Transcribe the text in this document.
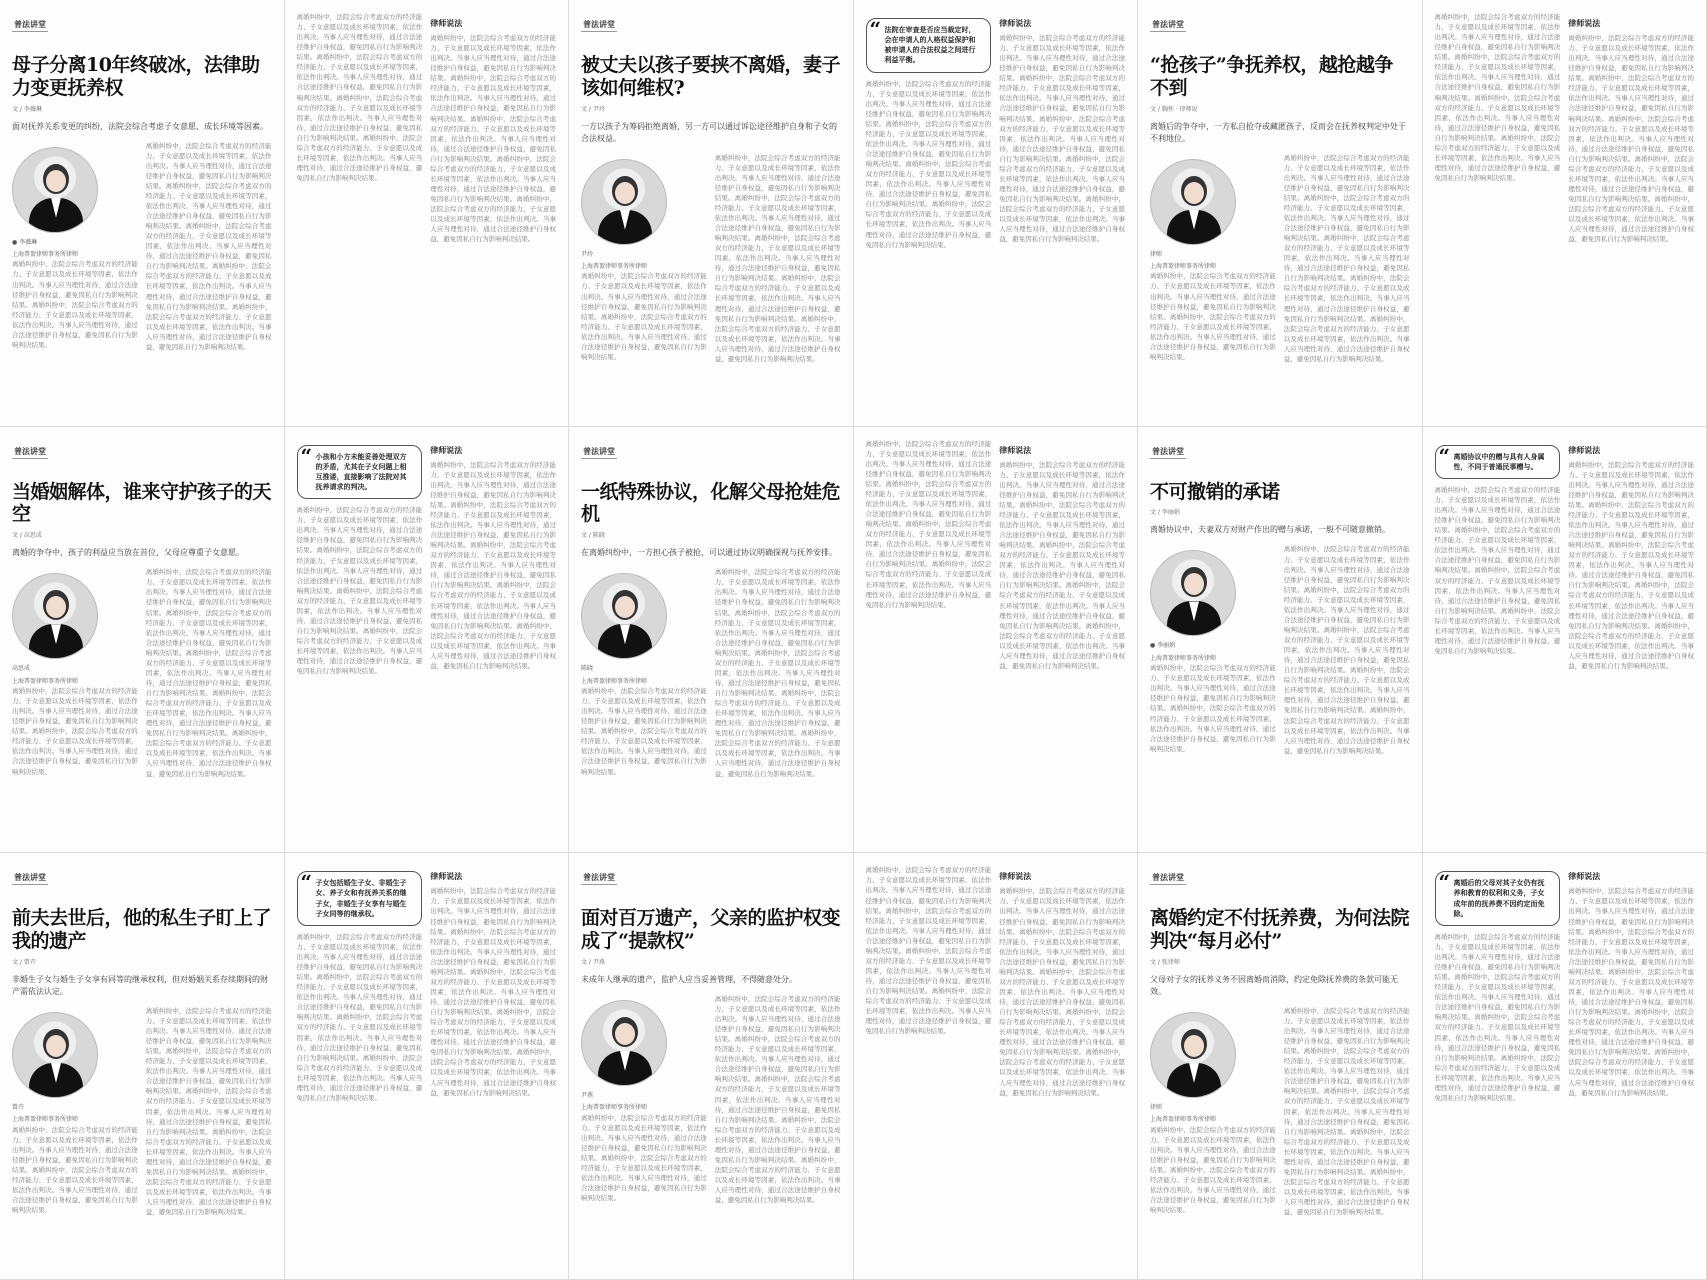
普法讲堂
母子分离10年终破冰，法律助力变更抚养权
文 / 李薇琳
面对抚养关系变更的纠纷，法院会综合考虑子女意愿、成长环境等因素。
● 李薇琳
上海普盈律师事务所律师
离婚纠纷中，法院会综合考虑双方的经济能力、子女意愿以及成长环境等因素，依法作出判决。当事人应当理性对待，通过合法途径维护自身权益，避免因私自行为影响判决结果。离婚纠纷中，法院会综合考虑双方的经济能力、子女意愿以及成长环境等因素，依法作出判决。当事人应当理性对待，通过合法途径维护自身权益，避免因私自行为影响判决结果。
离婚纠纷中，法院会综合考虑双方的经济能力、子女意愿以及成长环境等因素，依法作出判决。当事人应当理性对待，通过合法途径维护自身权益，避免因私自行为影响判决结果。离婚纠纷中，法院会综合考虑双方的经济能力、子女意愿以及成长环境等因素，依法作出判决。当事人应当理性对待，通过合法途径维护自身权益，避免因私自行为影响判决结果。离婚纠纷中，法院会综合考虑双方的经济能力、子女意愿以及成长环境等因素，依法作出判决。当事人应当理性对待，通过合法途径维护自身权益，避免因私自行为影响判决结果。离婚纠纷中，法院会综合考虑双方的经济能力、子女意愿以及成长环境等因素，依法作出判决。当事人应当理性对待，通过合法途径维护自身权益，避免因私自行为影响判决结果。离婚纠纷中，法院会综合考虑双方的经济能力、子女意愿以及成长环境等因素，依法作出判决。当事人应当理性对待，通过合法途径维护自身权益，避免因私自行为影响判决结果。
离婚纠纷中，法院会综合考虑双方的经济能力、子女意愿以及成长环境等因素，依法作出判决。当事人应当理性对待，通过合法途径维护自身权益，避免因私自行为影响判决结果。离婚纠纷中，法院会综合考虑双方的经济能力、子女意愿以及成长环境等因素，依法作出判决。当事人应当理性对待，通过合法途径维护自身权益，避免因私自行为影响判决结果。离婚纠纷中，法院会综合考虑双方的经济能力、子女意愿以及成长环境等因素，依法作出判决。当事人应当理性对待，通过合法途径维护自身权益，避免因私自行为影响判决结果。离婚纠纷中，法院会综合考虑双方的经济能力、子女意愿以及成长环境等因素，依法作出判决。当事人应当理性对待，通过合法途径维护自身权益，避免因私自行为影响判决结果。
律师说法
离婚纠纷中，法院会综合考虑双方的经济能力、子女意愿以及成长环境等因素，依法作出判决。当事人应当理性对待，通过合法途径维护自身权益，避免因私自行为影响判决结果。离婚纠纷中，法院会综合考虑双方的经济能力、子女意愿以及成长环境等因素，依法作出判决。当事人应当理性对待，通过合法途径维护自身权益，避免因私自行为影响判决结果。离婚纠纷中，法院会综合考虑双方的经济能力、子女意愿以及成长环境等因素，依法作出判决。当事人应当理性对待，通过合法途径维护自身权益，避免因私自行为影响判决结果。离婚纠纷中，法院会综合考虑双方的经济能力、子女意愿以及成长环境等因素，依法作出判决。当事人应当理性对待，通过合法途径维护自身权益，避免因私自行为影响判决结果。离婚纠纷中，法院会综合考虑双方的经济能力、子女意愿以及成长环境等因素，依法作出判决。当事人应当理性对待，通过合法途径维护自身权益，避免因私自行为影响判决结果。
普法讲堂
被丈夫以孩子要挟不离婚，妻子该如何维权?
文 / 尹玲
一方以孩子为筹码拒绝离婚，另一方可以通过诉讼途径维护自身和子女的合法权益。
尹玲
上海普盈律师事务所律师
离婚纠纷中，法院会综合考虑双方的经济能力、子女意愿以及成长环境等因素，依法作出判决。当事人应当理性对待，通过合法途径维护自身权益，避免因私自行为影响判决结果。离婚纠纷中，法院会综合考虑双方的经济能力、子女意愿以及成长环境等因素，依法作出判决。当事人应当理性对待，通过合法途径维护自身权益，避免因私自行为影响判决结果。
离婚纠纷中，法院会综合考虑双方的经济能力、子女意愿以及成长环境等因素，依法作出判决。当事人应当理性对待，通过合法途径维护自身权益，避免因私自行为影响判决结果。离婚纠纷中，法院会综合考虑双方的经济能力、子女意愿以及成长环境等因素，依法作出判决。当事人应当理性对待，通过合法途径维护自身权益，避免因私自行为影响判决结果。离婚纠纷中，法院会综合考虑双方的经济能力、子女意愿以及成长环境等因素，依法作出判决。当事人应当理性对待，通过合法途径维护自身权益，避免因私自行为影响判决结果。离婚纠纷中，法院会综合考虑双方的经济能力、子女意愿以及成长环境等因素，依法作出判决。当事人应当理性对待，通过合法途径维护自身权益，避免因私自行为影响判决结果。离婚纠纷中，法院会综合考虑双方的经济能力、子女意愿以及成长环境等因素，依法作出判决。当事人应当理性对待，通过合法途径维护自身权益，避免因私自行为影响判决结果。
“ 法院在审查是否应当裁定时，会在申请人的人格权益保护和被申请人的合法权益之间进行利益平衡。
离婚纠纷中，法院会综合考虑双方的经济能力、子女意愿以及成长环境等因素，依法作出判决。当事人应当理性对待，通过合法途径维护自身权益，避免因私自行为影响判决结果。离婚纠纷中，法院会综合考虑双方的经济能力、子女意愿以及成长环境等因素，依法作出判决。当事人应当理性对待，通过合法途径维护自身权益，避免因私自行为影响判决结果。离婚纠纷中，法院会综合考虑双方的经济能力、子女意愿以及成长环境等因素，依法作出判决。当事人应当理性对待，通过合法途径维护自身权益，避免因私自行为影响判决结果。离婚纠纷中，法院会综合考虑双方的经济能力、子女意愿以及成长环境等因素，依法作出判决。当事人应当理性对待，通过合法途径维护自身权益，避免因私自行为影响判决结果。
律师说法
离婚纠纷中，法院会综合考虑双方的经济能力、子女意愿以及成长环境等因素，依法作出判决。当事人应当理性对待，通过合法途径维护自身权益，避免因私自行为影响判决结果。离婚纠纷中，法院会综合考虑双方的经济能力、子女意愿以及成长环境等因素，依法作出判决。当事人应当理性对待，通过合法途径维护自身权益，避免因私自行为影响判决结果。离婚纠纷中，法院会综合考虑双方的经济能力、子女意愿以及成长环境等因素，依法作出判决。当事人应当理性对待，通过合法途径维护自身权益，避免因私自行为影响判决结果。离婚纠纷中，法院会综合考虑双方的经济能力、子女意愿以及成长环境等因素，依法作出判决。当事人应当理性对待，通过合法途径维护自身权益，避免因私自行为影响判决结果。离婚纠纷中，法院会综合考虑双方的经济能力、子女意愿以及成长环境等因素，依法作出判决。当事人应当理性对待，通过合法途径维护自身权益，避免因私自行为影响判决结果。
普法讲堂
“抢孩子”争抚养权，越抢越争不到
文 / 胸怀 · 律师说
离婚后的争夺中，一方私自抢夺或藏匿孩子，反而会在抚养权判定中处于不利地位。
律师
上海普盈律师事务所律师
离婚纠纷中，法院会综合考虑双方的经济能力、子女意愿以及成长环境等因素，依法作出判决。当事人应当理性对待，通过合法途径维护自身权益，避免因私自行为影响判决结果。离婚纠纷中，法院会综合考虑双方的经济能力、子女意愿以及成长环境等因素，依法作出判决。当事人应当理性对待，通过合法途径维护自身权益，避免因私自行为影响判决结果。
离婚纠纷中，法院会综合考虑双方的经济能力、子女意愿以及成长环境等因素，依法作出判决。当事人应当理性对待，通过合法途径维护自身权益，避免因私自行为影响判决结果。离婚纠纷中，法院会综合考虑双方的经济能力、子女意愿以及成长环境等因素，依法作出判决。当事人应当理性对待，通过合法途径维护自身权益，避免因私自行为影响判决结果。离婚纠纷中，法院会综合考虑双方的经济能力、子女意愿以及成长环境等因素，依法作出判决。当事人应当理性对待，通过合法途径维护自身权益，避免因私自行为影响判决结果。离婚纠纷中，法院会综合考虑双方的经济能力、子女意愿以及成长环境等因素，依法作出判决。当事人应当理性对待，通过合法途径维护自身权益，避免因私自行为影响判决结果。离婚纠纷中，法院会综合考虑双方的经济能力、子女意愿以及成长环境等因素，依法作出判决。当事人应当理性对待，通过合法途径维护自身权益，避免因私自行为影响判决结果。
离婚纠纷中，法院会综合考虑双方的经济能力、子女意愿以及成长环境等因素，依法作出判决。当事人应当理性对待，通过合法途径维护自身权益，避免因私自行为影响判决结果。离婚纠纷中，法院会综合考虑双方的经济能力、子女意愿以及成长环境等因素，依法作出判决。当事人应当理性对待，通过合法途径维护自身权益，避免因私自行为影响判决结果。离婚纠纷中，法院会综合考虑双方的经济能力、子女意愿以及成长环境等因素，依法作出判决。当事人应当理性对待，通过合法途径维护自身权益，避免因私自行为影响判决结果。离婚纠纷中，法院会综合考虑双方的经济能力、子女意愿以及成长环境等因素，依法作出判决。当事人应当理性对待，通过合法途径维护自身权益，避免因私自行为影响判决结果。
律师说法
离婚纠纷中，法院会综合考虑双方的经济能力、子女意愿以及成长环境等因素，依法作出判决。当事人应当理性对待，通过合法途径维护自身权益，避免因私自行为影响判决结果。离婚纠纷中，法院会综合考虑双方的经济能力、子女意愿以及成长环境等因素，依法作出判决。当事人应当理性对待，通过合法途径维护自身权益，避免因私自行为影响判决结果。离婚纠纷中，法院会综合考虑双方的经济能力、子女意愿以及成长环境等因素，依法作出判决。当事人应当理性对待，通过合法途径维护自身权益，避免因私自行为影响判决结果。离婚纠纷中，法院会综合考虑双方的经济能力、子女意愿以及成长环境等因素，依法作出判决。当事人应当理性对待，通过合法途径维护自身权益，避免因私自行为影响判决结果。离婚纠纷中，法院会综合考虑双方的经济能力、子女意愿以及成长环境等因素，依法作出判决。当事人应当理性对待，通过合法途径维护自身权益，避免因私自行为影响判决结果。
普法讲堂
当婚姻解体，谁来守护孩子的天空
文 / 高思成
离婚的争夺中，孩子的利益应当放在首位，父母应尊重子女意愿。
高思成
上海普盈律师事务所律师
离婚纠纷中，法院会综合考虑双方的经济能力、子女意愿以及成长环境等因素，依法作出判决。当事人应当理性对待，通过合法途径维护自身权益，避免因私自行为影响判决结果。离婚纠纷中，法院会综合考虑双方的经济能力、子女意愿以及成长环境等因素，依法作出判决。当事人应当理性对待，通过合法途径维护自身权益，避免因私自行为影响判决结果。
离婚纠纷中，法院会综合考虑双方的经济能力、子女意愿以及成长环境等因素，依法作出判决。当事人应当理性对待，通过合法途径维护自身权益，避免因私自行为影响判决结果。离婚纠纷中，法院会综合考虑双方的经济能力、子女意愿以及成长环境等因素，依法作出判决。当事人应当理性对待，通过合法途径维护自身权益，避免因私自行为影响判决结果。离婚纠纷中，法院会综合考虑双方的经济能力、子女意愿以及成长环境等因素，依法作出判决。当事人应当理性对待，通过合法途径维护自身权益，避免因私自行为影响判决结果。离婚纠纷中，法院会综合考虑双方的经济能力、子女意愿以及成长环境等因素，依法作出判决。当事人应当理性对待，通过合法途径维护自身权益，避免因私自行为影响判决结果。离婚纠纷中，法院会综合考虑双方的经济能力、子女意愿以及成长环境等因素，依法作出判决。当事人应当理性对待，通过合法途径维护自身权益，避免因私自行为影响判决结果。
“ 小孩和小方未能妥善处理双方的矛盾，尤其在子女问题上相互推诿，直接影响了法院对其抚养请求的判决。
离婚纠纷中，法院会综合考虑双方的经济能力、子女意愿以及成长环境等因素，依法作出判决。当事人应当理性对待，通过合法途径维护自身权益，避免因私自行为影响判决结果。离婚纠纷中，法院会综合考虑双方的经济能力、子女意愿以及成长环境等因素，依法作出判决。当事人应当理性对待，通过合法途径维护自身权益，避免因私自行为影响判决结果。离婚纠纷中，法院会综合考虑双方的经济能力、子女意愿以及成长环境等因素，依法作出判决。当事人应当理性对待，通过合法途径维护自身权益，避免因私自行为影响判决结果。离婚纠纷中，法院会综合考虑双方的经济能力、子女意愿以及成长环境等因素，依法作出判决。当事人应当理性对待，通过合法途径维护自身权益，避免因私自行为影响判决结果。
律师说法
离婚纠纷中，法院会综合考虑双方的经济能力、子女意愿以及成长环境等因素，依法作出判决。当事人应当理性对待，通过合法途径维护自身权益，避免因私自行为影响判决结果。离婚纠纷中，法院会综合考虑双方的经济能力、子女意愿以及成长环境等因素，依法作出判决。当事人应当理性对待，通过合法途径维护自身权益，避免因私自行为影响判决结果。离婚纠纷中，法院会综合考虑双方的经济能力、子女意愿以及成长环境等因素，依法作出判决。当事人应当理性对待，通过合法途径维护自身权益，避免因私自行为影响判决结果。离婚纠纷中，法院会综合考虑双方的经济能力、子女意愿以及成长环境等因素，依法作出判决。当事人应当理性对待，通过合法途径维护自身权益，避免因私自行为影响判决结果。离婚纠纷中，法院会综合考虑双方的经济能力、子女意愿以及成长环境等因素，依法作出判决。当事人应当理性对待，通过合法途径维护自身权益，避免因私自行为影响判决结果。
普法讲堂
一纸特殊协议，化解父母抢娃危机
文 / 陈晓
在离婚纠纷中，一方担心孩子被抢，可以通过协议明确探视与抚养安排。
陈晓
上海普盈律师事务所律师
离婚纠纷中，法院会综合考虑双方的经济能力、子女意愿以及成长环境等因素，依法作出判决。当事人应当理性对待，通过合法途径维护自身权益，避免因私自行为影响判决结果。离婚纠纷中，法院会综合考虑双方的经济能力、子女意愿以及成长环境等因素，依法作出判决。当事人应当理性对待，通过合法途径维护自身权益，避免因私自行为影响判决结果。
离婚纠纷中，法院会综合考虑双方的经济能力、子女意愿以及成长环境等因素，依法作出判决。当事人应当理性对待，通过合法途径维护自身权益，避免因私自行为影响判决结果。离婚纠纷中，法院会综合考虑双方的经济能力、子女意愿以及成长环境等因素，依法作出判决。当事人应当理性对待，通过合法途径维护自身权益，避免因私自行为影响判决结果。离婚纠纷中，法院会综合考虑双方的经济能力、子女意愿以及成长环境等因素，依法作出判决。当事人应当理性对待，通过合法途径维护自身权益，避免因私自行为影响判决结果。离婚纠纷中，法院会综合考虑双方的经济能力、子女意愿以及成长环境等因素，依法作出判决。当事人应当理性对待，通过合法途径维护自身权益，避免因私自行为影响判决结果。离婚纠纷中，法院会综合考虑双方的经济能力、子女意愿以及成长环境等因素，依法作出判决。当事人应当理性对待，通过合法途径维护自身权益，避免因私自行为影响判决结果。
离婚纠纷中，法院会综合考虑双方的经济能力、子女意愿以及成长环境等因素，依法作出判决。当事人应当理性对待，通过合法途径维护自身权益，避免因私自行为影响判决结果。离婚纠纷中，法院会综合考虑双方的经济能力、子女意愿以及成长环境等因素，依法作出判决。当事人应当理性对待，通过合法途径维护自身权益，避免因私自行为影响判决结果。离婚纠纷中，法院会综合考虑双方的经济能力、子女意愿以及成长环境等因素，依法作出判决。当事人应当理性对待，通过合法途径维护自身权益，避免因私自行为影响判决结果。离婚纠纷中，法院会综合考虑双方的经济能力、子女意愿以及成长环境等因素，依法作出判决。当事人应当理性对待，通过合法途径维护自身权益，避免因私自行为影响判决结果。
律师说法
离婚纠纷中，法院会综合考虑双方的经济能力、子女意愿以及成长环境等因素，依法作出判决。当事人应当理性对待，通过合法途径维护自身权益，避免因私自行为影响判决结果。离婚纠纷中，法院会综合考虑双方的经济能力、子女意愿以及成长环境等因素，依法作出判决。当事人应当理性对待，通过合法途径维护自身权益，避免因私自行为影响判决结果。离婚纠纷中，法院会综合考虑双方的经济能力、子女意愿以及成长环境等因素，依法作出判决。当事人应当理性对待，通过合法途径维护自身权益，避免因私自行为影响判决结果。离婚纠纷中，法院会综合考虑双方的经济能力、子女意愿以及成长环境等因素，依法作出判决。当事人应当理性对待，通过合法途径维护自身权益，避免因私自行为影响判决结果。离婚纠纷中，法院会综合考虑双方的经济能力、子女意愿以及成长环境等因素，依法作出判决。当事人应当理性对待，通过合法途径维护自身权益，避免因私自行为影响判决结果。
普法讲堂
不可撤销的承诺
文 / 李丽娟
离婚协议中，夫妻双方对财产作出的赠与承诺，一般不可随意撤销。
● 李丽娟
上海普盈律师事务所律师
离婚纠纷中，法院会综合考虑双方的经济能力、子女意愿以及成长环境等因素，依法作出判决。当事人应当理性对待，通过合法途径维护自身权益，避免因私自行为影响判决结果。离婚纠纷中，法院会综合考虑双方的经济能力、子女意愿以及成长环境等因素，依法作出判决。当事人应当理性对待，通过合法途径维护自身权益，避免因私自行为影响判决结果。
离婚纠纷中，法院会综合考虑双方的经济能力、子女意愿以及成长环境等因素，依法作出判决。当事人应当理性对待，通过合法途径维护自身权益，避免因私自行为影响判决结果。离婚纠纷中，法院会综合考虑双方的经济能力、子女意愿以及成长环境等因素，依法作出判决。当事人应当理性对待，通过合法途径维护自身权益，避免因私自行为影响判决结果。离婚纠纷中，法院会综合考虑双方的经济能力、子女意愿以及成长环境等因素，依法作出判决。当事人应当理性对待，通过合法途径维护自身权益，避免因私自行为影响判决结果。离婚纠纷中，法院会综合考虑双方的经济能力、子女意愿以及成长环境等因素，依法作出判决。当事人应当理性对待，通过合法途径维护自身权益，避免因私自行为影响判决结果。离婚纠纷中，法院会综合考虑双方的经济能力、子女意愿以及成长环境等因素，依法作出判决。当事人应当理性对待，通过合法途径维护自身权益，避免因私自行为影响判决结果。
“ 离婚协议中的赠与具有人身属性，不同于普通民事赠与。
离婚纠纷中，法院会综合考虑双方的经济能力、子女意愿以及成长环境等因素，依法作出判决。当事人应当理性对待，通过合法途径维护自身权益，避免因私自行为影响判决结果。离婚纠纷中，法院会综合考虑双方的经济能力、子女意愿以及成长环境等因素，依法作出判决。当事人应当理性对待，通过合法途径维护自身权益，避免因私自行为影响判决结果。离婚纠纷中，法院会综合考虑双方的经济能力、子女意愿以及成长环境等因素，依法作出判决。当事人应当理性对待，通过合法途径维护自身权益，避免因私自行为影响判决结果。离婚纠纷中，法院会综合考虑双方的经济能力、子女意愿以及成长环境等因素，依法作出判决。当事人应当理性对待，通过合法途径维护自身权益，避免因私自行为影响判决结果。
律师说法
离婚纠纷中，法院会综合考虑双方的经济能力、子女意愿以及成长环境等因素，依法作出判决。当事人应当理性对待，通过合法途径维护自身权益，避免因私自行为影响判决结果。离婚纠纷中，法院会综合考虑双方的经济能力、子女意愿以及成长环境等因素，依法作出判决。当事人应当理性对待，通过合法途径维护自身权益，避免因私自行为影响判决结果。离婚纠纷中，法院会综合考虑双方的经济能力、子女意愿以及成长环境等因素，依法作出判决。当事人应当理性对待，通过合法途径维护自身权益，避免因私自行为影响判决结果。离婚纠纷中，法院会综合考虑双方的经济能力、子女意愿以及成长环境等因素，依法作出判决。当事人应当理性对待，通过合法途径维护自身权益，避免因私自行为影响判决结果。离婚纠纷中，法院会综合考虑双方的经济能力、子女意愿以及成长环境等因素，依法作出判决。当事人应当理性对待，通过合法途径维护自身权益，避免因私自行为影响判决结果。
普法讲堂
前夫去世后，他的私生子盯上了我的遗产
文 / 曾卉
非婚生子女与婚生子女享有同等的继承权利，但对婚姻关系存续期间的财产需依法认定。
曾卉
上海普盈律师事务所律师
离婚纠纷中，法院会综合考虑双方的经济能力、子女意愿以及成长环境等因素，依法作出判决。当事人应当理性对待，通过合法途径维护自身权益，避免因私自行为影响判决结果。离婚纠纷中，法院会综合考虑双方的经济能力、子女意愿以及成长环境等因素，依法作出判决。当事人应当理性对待，通过合法途径维护自身权益，避免因私自行为影响判决结果。
离婚纠纷中，法院会综合考虑双方的经济能力、子女意愿以及成长环境等因素，依法作出判决。当事人应当理性对待，通过合法途径维护自身权益，避免因私自行为影响判决结果。离婚纠纷中，法院会综合考虑双方的经济能力、子女意愿以及成长环境等因素，依法作出判决。当事人应当理性对待，通过合法途径维护自身权益，避免因私自行为影响判决结果。离婚纠纷中，法院会综合考虑双方的经济能力、子女意愿以及成长环境等因素，依法作出判决。当事人应当理性对待，通过合法途径维护自身权益，避免因私自行为影响判决结果。离婚纠纷中，法院会综合考虑双方的经济能力、子女意愿以及成长环境等因素，依法作出判决。当事人应当理性对待，通过合法途径维护自身权益，避免因私自行为影响判决结果。离婚纠纷中，法院会综合考虑双方的经济能力、子女意愿以及成长环境等因素，依法作出判决。当事人应当理性对待，通过合法途径维护自身权益，避免因私自行为影响判决结果。
“ 子女包括婚生子女、非婚生子女、养子女和有抚养关系的继子女，非婚生子女享有与婚生子女同等的继承权。
离婚纠纷中，法院会综合考虑双方的经济能力、子女意愿以及成长环境等因素，依法作出判决。当事人应当理性对待，通过合法途径维护自身权益，避免因私自行为影响判决结果。离婚纠纷中，法院会综合考虑双方的经济能力、子女意愿以及成长环境等因素，依法作出判决。当事人应当理性对待，通过合法途径维护自身权益，避免因私自行为影响判决结果。离婚纠纷中，法院会综合考虑双方的经济能力、子女意愿以及成长环境等因素，依法作出判决。当事人应当理性对待，通过合法途径维护自身权益，避免因私自行为影响判决结果。离婚纠纷中，法院会综合考虑双方的经济能力、子女意愿以及成长环境等因素，依法作出判决。当事人应当理性对待，通过合法途径维护自身权益，避免因私自行为影响判决结果。
律师说法
离婚纠纷中，法院会综合考虑双方的经济能力、子女意愿以及成长环境等因素，依法作出判决。当事人应当理性对待，通过合法途径维护自身权益，避免因私自行为影响判决结果。离婚纠纷中，法院会综合考虑双方的经济能力、子女意愿以及成长环境等因素，依法作出判决。当事人应当理性对待，通过合法途径维护自身权益，避免因私自行为影响判决结果。离婚纠纷中，法院会综合考虑双方的经济能力、子女意愿以及成长环境等因素，依法作出判决。当事人应当理性对待，通过合法途径维护自身权益，避免因私自行为影响判决结果。离婚纠纷中，法院会综合考虑双方的经济能力、子女意愿以及成长环境等因素，依法作出判决。当事人应当理性对待，通过合法途径维护自身权益，避免因私自行为影响判决结果。离婚纠纷中，法院会综合考虑双方的经济能力、子女意愿以及成长环境等因素，依法作出判决。当事人应当理性对待，通过合法途径维护自身权益，避免因私自行为影响判决结果。
普法讲堂
面对百万遗产，父亲的监护权变成了“提款权”
文 / 尹燕
未成年人继承的遗产，监护人应当妥善管理，不得随意处分。
尹燕
上海普盈律师事务所律师
离婚纠纷中，法院会综合考虑双方的经济能力、子女意愿以及成长环境等因素，依法作出判决。当事人应当理性对待，通过合法途径维护自身权益，避免因私自行为影响判决结果。离婚纠纷中，法院会综合考虑双方的经济能力、子女意愿以及成长环境等因素，依法作出判决。当事人应当理性对待，通过合法途径维护自身权益，避免因私自行为影响判决结果。
离婚纠纷中，法院会综合考虑双方的经济能力、子女意愿以及成长环境等因素，依法作出判决。当事人应当理性对待，通过合法途径维护自身权益，避免因私自行为影响判决结果。离婚纠纷中，法院会综合考虑双方的经济能力、子女意愿以及成长环境等因素，依法作出判决。当事人应当理性对待，通过合法途径维护自身权益，避免因私自行为影响判决结果。离婚纠纷中，法院会综合考虑双方的经济能力、子女意愿以及成长环境等因素，依法作出判决。当事人应当理性对待，通过合法途径维护自身权益，避免因私自行为影响判决结果。离婚纠纷中，法院会综合考虑双方的经济能力、子女意愿以及成长环境等因素，依法作出判决。当事人应当理性对待，通过合法途径维护自身权益，避免因私自行为影响判决结果。离婚纠纷中，法院会综合考虑双方的经济能力、子女意愿以及成长环境等因素，依法作出判决。当事人应当理性对待，通过合法途径维护自身权益，避免因私自行为影响判决结果。
离婚纠纷中，法院会综合考虑双方的经济能力、子女意愿以及成长环境等因素，依法作出判决。当事人应当理性对待，通过合法途径维护自身权益，避免因私自行为影响判决结果。离婚纠纷中，法院会综合考虑双方的经济能力、子女意愿以及成长环境等因素，依法作出判决。当事人应当理性对待，通过合法途径维护自身权益，避免因私自行为影响判决结果。离婚纠纷中，法院会综合考虑双方的经济能力、子女意愿以及成长环境等因素，依法作出判决。当事人应当理性对待，通过合法途径维护自身权益，避免因私自行为影响判决结果。离婚纠纷中，法院会综合考虑双方的经济能力、子女意愿以及成长环境等因素，依法作出判决。当事人应当理性对待，通过合法途径维护自身权益，避免因私自行为影响判决结果。
律师说法
离婚纠纷中，法院会综合考虑双方的经济能力、子女意愿以及成长环境等因素，依法作出判决。当事人应当理性对待，通过合法途径维护自身权益，避免因私自行为影响判决结果。离婚纠纷中，法院会综合考虑双方的经济能力、子女意愿以及成长环境等因素，依法作出判决。当事人应当理性对待，通过合法途径维护自身权益，避免因私自行为影响判决结果。离婚纠纷中，法院会综合考虑双方的经济能力、子女意愿以及成长环境等因素，依法作出判决。当事人应当理性对待，通过合法途径维护自身权益，避免因私自行为影响判决结果。离婚纠纷中，法院会综合考虑双方的经济能力、子女意愿以及成长环境等因素，依法作出判决。当事人应当理性对待，通过合法途径维护自身权益，避免因私自行为影响判决结果。离婚纠纷中，法院会综合考虑双方的经济能力、子女意愿以及成长环境等因素，依法作出判决。当事人应当理性对待，通过合法途径维护自身权益，避免因私自行为影响判决结果。
普法讲堂
离婚约定不付抚养费，为何法院判决“每月必付”
文 / 张律师
父母对子女的抚养义务不因离婚而消除，约定免除抚养费的条款可能无效。
律师
上海普盈律师事务所律师
离婚纠纷中，法院会综合考虑双方的经济能力、子女意愿以及成长环境等因素，依法作出判决。当事人应当理性对待，通过合法途径维护自身权益，避免因私自行为影响判决结果。离婚纠纷中，法院会综合考虑双方的经济能力、子女意愿以及成长环境等因素，依法作出判决。当事人应当理性对待，通过合法途径维护自身权益，避免因私自行为影响判决结果。
离婚纠纷中，法院会综合考虑双方的经济能力、子女意愿以及成长环境等因素，依法作出判决。当事人应当理性对待，通过合法途径维护自身权益，避免因私自行为影响判决结果。离婚纠纷中，法院会综合考虑双方的经济能力、子女意愿以及成长环境等因素，依法作出判决。当事人应当理性对待，通过合法途径维护自身权益，避免因私自行为影响判决结果。离婚纠纷中，法院会综合考虑双方的经济能力、子女意愿以及成长环境等因素，依法作出判决。当事人应当理性对待，通过合法途径维护自身权益，避免因私自行为影响判决结果。离婚纠纷中，法院会综合考虑双方的经济能力、子女意愿以及成长环境等因素，依法作出判决。当事人应当理性对待，通过合法途径维护自身权益，避免因私自行为影响判决结果。离婚纠纷中，法院会综合考虑双方的经济能力、子女意愿以及成长环境等因素，依法作出判决。当事人应当理性对待，通过合法途径维护自身权益，避免因私自行为影响判决结果。
“ 离婚后的父母对其子女仍有抚养和教育的权利和义务，子女成年前的抚养费不因约定而免除。
离婚纠纷中，法院会综合考虑双方的经济能力、子女意愿以及成长环境等因素，依法作出判决。当事人应当理性对待，通过合法途径维护自身权益，避免因私自行为影响判决结果。离婚纠纷中，法院会综合考虑双方的经济能力、子女意愿以及成长环境等因素，依法作出判决。当事人应当理性对待，通过合法途径维护自身权益，避免因私自行为影响判决结果。离婚纠纷中，法院会综合考虑双方的经济能力、子女意愿以及成长环境等因素，依法作出判决。当事人应当理性对待，通过合法途径维护自身权益，避免因私自行为影响判决结果。离婚纠纷中，法院会综合考虑双方的经济能力、子女意愿以及成长环境等因素，依法作出判决。当事人应当理性对待，通过合法途径维护自身权益，避免因私自行为影响判决结果。
律师说法
离婚纠纷中，法院会综合考虑双方的经济能力、子女意愿以及成长环境等因素，依法作出判决。当事人应当理性对待，通过合法途径维护自身权益，避免因私自行为影响判决结果。离婚纠纷中，法院会综合考虑双方的经济能力、子女意愿以及成长环境等因素，依法作出判决。当事人应当理性对待，通过合法途径维护自身权益，避免因私自行为影响判决结果。离婚纠纷中，法院会综合考虑双方的经济能力、子女意愿以及成长环境等因素，依法作出判决。当事人应当理性对待，通过合法途径维护自身权益，避免因私自行为影响判决结果。离婚纠纷中，法院会综合考虑双方的经济能力、子女意愿以及成长环境等因素，依法作出判决。当事人应当理性对待，通过合法途径维护自身权益，避免因私自行为影响判决结果。离婚纠纷中，法院会综合考虑双方的经济能力、子女意愿以及成长环境等因素，依法作出判决。当事人应当理性对待，通过合法途径维护自身权益，避免因私自行为影响判决结果。
